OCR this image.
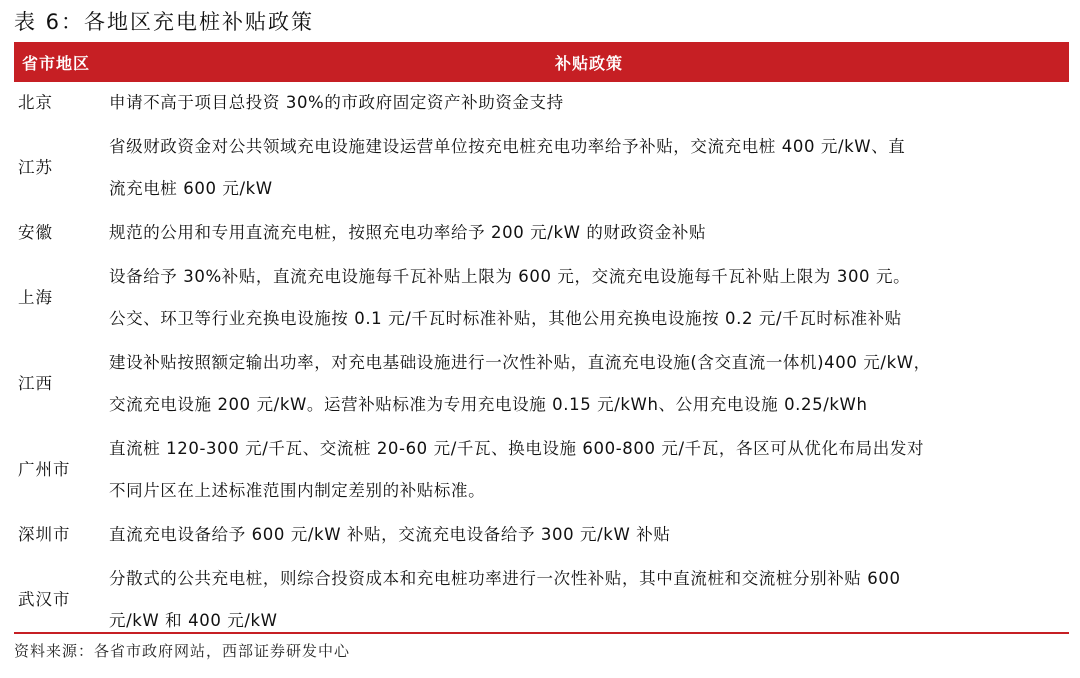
表 6：各地区充电桩补贴政策
省市地区	补贴政策
北京	申请不高于项目总投资 30%的市政府固定资产补助资金支持

江苏	省级财政资金对公共领域充电设施建设运营单位按充电桩充电功率给予补贴，交流充电桩 400 元/kW、直
流充电桩 600 元/kW

安徽	规范的公用和专用直流充电桩，按照充电功率给予 200 元/kW 的财政资金补贴

上海	设备给予 30%补贴，直流充电设施每千瓦补贴上限为 600 元，交流充电设施每千瓦补贴上限为 300 元。
公交、环卫等行业充换电设施按 0.1 元/千瓦时标准补贴，其他公用充换电设施按 0.2 元/千瓦时标准补贴

江西	建设补贴按照额定输出功率，对充电基础设施进行一次性补贴，直流充电设施(含交直流一体机)400 元/kW，
交流充电设施 200 元/kW。运营补贴标准为专用充电设施 0.15 元/kWh、公用充电设施 0.25/kWh

广州市	直流桩 120-300 元/千瓦、交流桩 20-60 元/千瓦、换电设施 600-800 元/千瓦，各区可从优化布局出发对
不同片区在上述标准范围内制定差别的补贴标准。

深圳市	直流充电设备给予 600 元/kW 补贴，交流充电设备给予 300 元/kW 补贴

武汉市	分散式的公共充电桩，则综合投资成本和充电桩功率进行一次性补贴，其中直流桩和交流桩分别补贴 600
元/kW 和 400 元/kW
资料来源：各省市政府网站，西部证券研发中心
